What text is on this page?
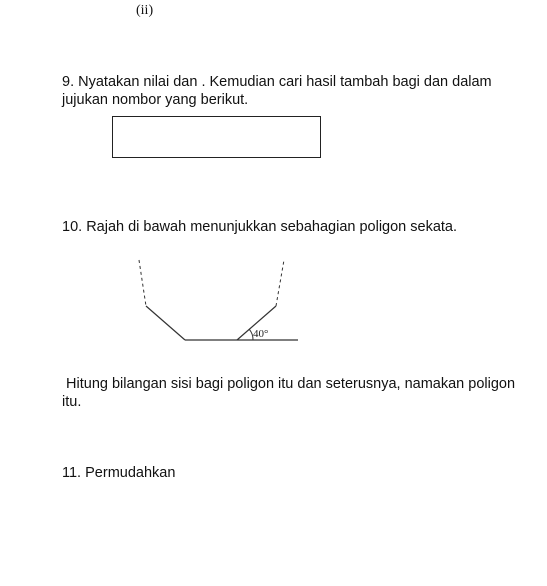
(ii)
9. Nyatakan nilai dan . Kemudian cari hasil tambah bagi dan dalam
jujukan nombor yang berikut.
10. Rajah di bawah menunjukkan sebahagian poligon sekata.
40°
Hitung bilangan sisi bagi poligon itu dan seterusnya, namakan poligon
itu.
11. Permudahkan
